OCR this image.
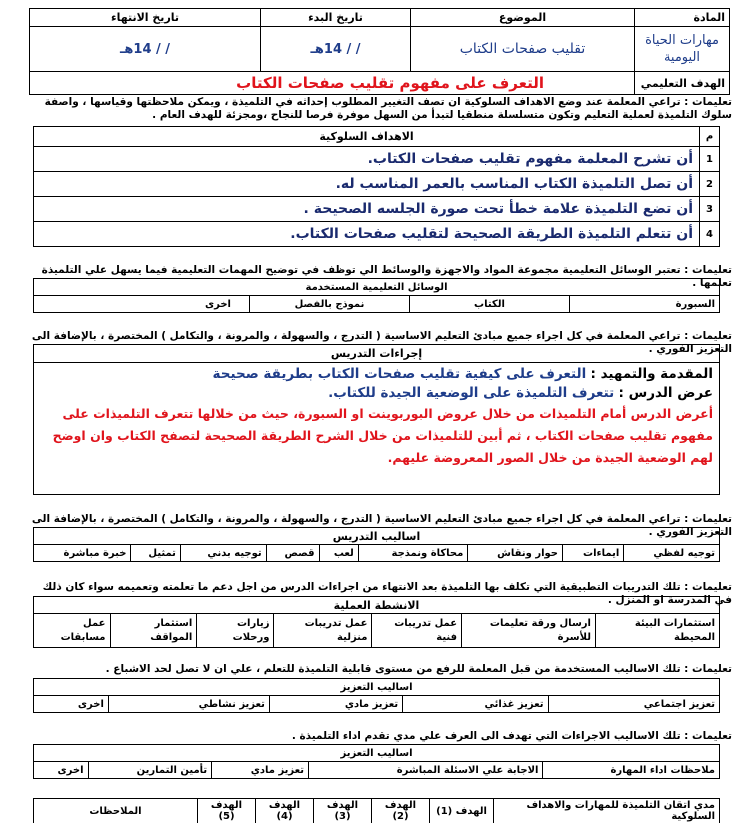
المادة	الموضوع	تاريخ البدء	تاريخ الانتهاء
مهارات الحياة اليومية	تقليب صفحات الكتاب	/ / 14هـ	/ / 14هـ
الهدف التعليمي	التعرف على مفهوم تقليب صفحات الكتاب		
تعليمات : تراعي المعلمة عند وضع الاهداف السلوكية ان تصف التغيير المطلوب إحداثه في التلميذة ، ويمكن ملاحظتها وقياسها ، واصفة سلوك التلميذة لعملية التعليم وتكون متسلسلة منطقيا لتبدأ من السهل موفرة فرصا للنجاح ،ومجزئة للهدف العام .
م	الاهداف السلوكية
1	أن تشرح المعلمة مفهوم تقليب صفحات الكتاب.
2	أن تصل التلميذة الكتاب المناسب بالعمر المناسب له.
3	أن تضع التلميذة علامة خطأ تحت صورة الجلسه الصحيحة .
4	أن تتعلم التلميذة الطريقة الصحيحة لتقليب صفحات الكتاب.
تعليمات : تعتبر الوسائل التعليمية مجموعة المواد والاجهزة والوسائط الي توظف في توضيح المهمات التعليمية فيما يسهل علي التلميذة تعلمها .
الوسائل التعليمية المستخدمة
السبورة	الكتاب	نموذج بالفصل	اخرى
تعليمات : تراعي المعلمة في كل اجراء جميع مبادئ التعليم الاساسية ( التدرج ، والسهولة ، والمرونة ، والتكامل ) المختصرة ، بالإضافة الى التعزيز الفوري .
إجراءات التدريس
المقدمة والتمهيد : التعرف على كيفية تقليب صفحات الكتاب بطريقة صحيحة
عرض الدرس : تتعرف التلميذة على الوضعية الجيدة للكتاب.
أعرض الدرس أمام التلميذات من خلال عروض البوربوينت او السبورة، حيث من خلالها تتعرف التلميذات على مفهوم تقليب صفحات الكتاب ، ثم أبين للتلميذات من خلال الشرح الطريقة الصحيحة لتصفح الكتاب وان اوضح لهم الوضعية الجيدة من خلال الصور المعروضة عليهم.
تعليمات : تراعي المعلمة في كل اجراء جميع مبادئ التعليم الاساسية ( التدرج ، والسهولة ، والمرونة ، والتكامل ) المختصرة ، بالإضافة الى التعزيز الفوري .
اساليب التدريس
توجيه لفظي	ايماءات	حوار ونقاش	محاكاة ونمذجة	لعب	قصص	توجيه بدني	تمثيل	خبرة مباشرة
تعليمات : تلك التدريبات التطبيقية التي تكلف بها التلميذة بعد الانتهاء من اجراءات الدرس من اجل دعم ما تعلمته وتعميمه سواء كان ذلك في المدرسة او المنزل .
الانشطة العملية
استثمارات البيئة المحيطة	ارسال ورقة تعليمات للأسرة	عمل تدريبات فنية	عمل تدريبات منزلية	زيارات ورحلات	استثمار المواقف	عمل مسابقات
تعليمات : تلك الاساليب المستخدمة من قبل المعلمة للرفع من مستوى قابلية التلميذة للتعلم ، علي ان لا تصل لحد الاشباع .
اساليب التعزيز
تعزيز اجتماعي	تعزيز غذائي	تعزيز مادي	تعزيز نشاطي	اخرى
تعليمات : تلك الاساليب الاجراءات التي تهدف الى العرف علي مدي تقدم اداء التلميذة .
اساليب التعزيز
ملاحظات اداء المهارة	الاجابة علي الاسئلة المباشرة	تعزيز مادي	تأمين التمارين	اخرى
مدي اتقان التلميذة للمهارات والاهداف السلوكية	الهدف (1)	الهدف (2)	الهدف (3)	الهدف (4)	الهدف (5)	الملاحظات
